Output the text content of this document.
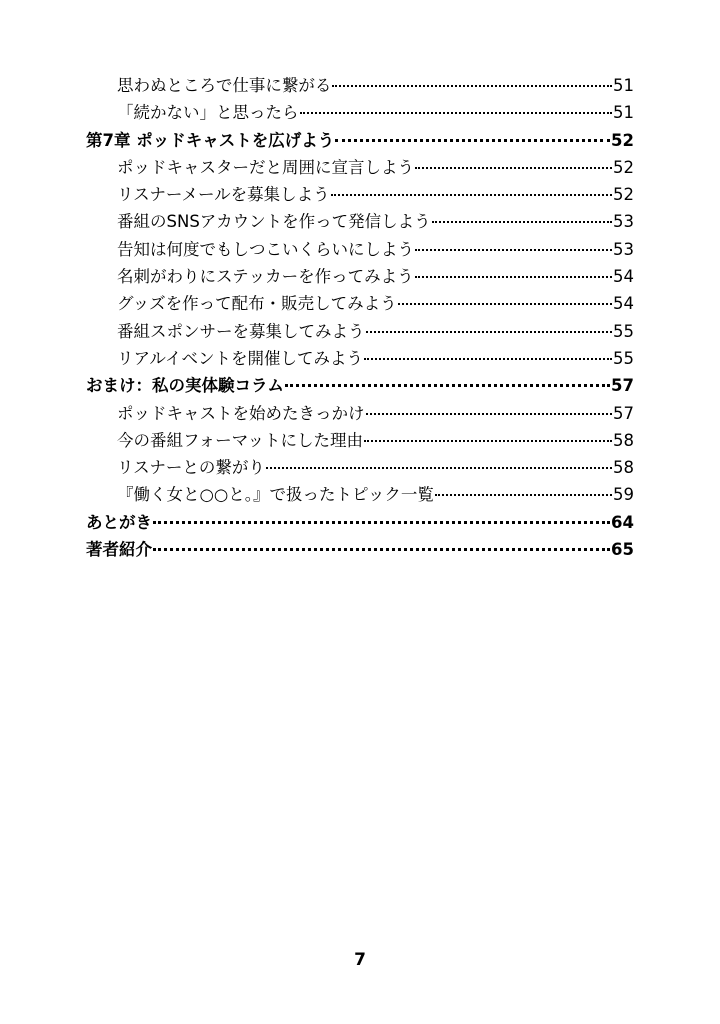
思わぬところで仕事に繋がる	51
「続かない」と思ったら	51
第7章 ポッドキャストを広げよう	52
ポッドキャスターだと周囲に宣言しよう	52
リスナーメールを募集しよう	52
番組のSNSアカウントを作って発信しよう	53
告知は何度でもしつこいくらいにしよう	53
名刺がわりにステッカーを作ってみよう	54
グッズを作って配布・販売してみよう	54
番組スポンサーを募集してみよう	55
リアルイベントを開催してみよう	55
おまけ：私の実体験コラム	57
ポッドキャストを始めたきっかけ	57
今の番組フォーマットにした理由	58
リスナーとの繋がり	58
『働く女と○○と。』で扱ったトピック一覧	59
あとがき	64
著者紹介	65
7
